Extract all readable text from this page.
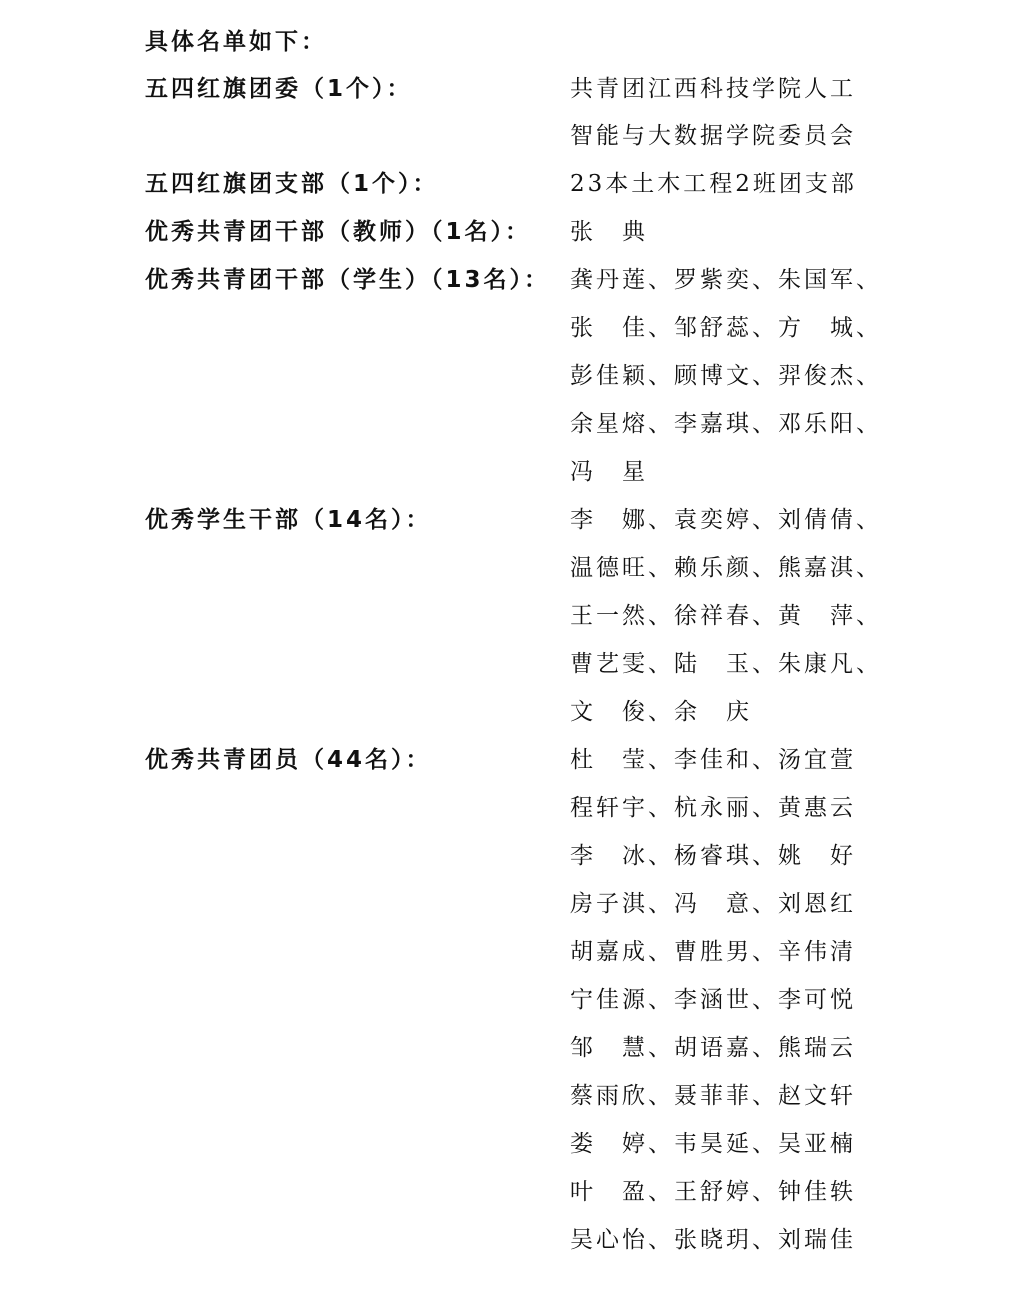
具体名单如下：
五四红旗团委（1个）：	共青团江西科技学院人工
智能与大数据学院委员会
五四红旗团支部（1个）：	23本土木工程2班团支部
优秀共青团干部（教师）（1名）： 张　典
优秀共青团干部（学生）（13名）： 龚丹莲、罗紫奕、朱国军、
张　佳、邹舒蕊、方　城、
彭佳颖、顾博文、羿俊杰、
余星熔、李嘉琪、邓乐阳、
冯　星
优秀学生干部（14名）：	李　娜、袁奕婷、刘倩倩、
温德旺、赖乐颜、熊嘉淇、
王一然、徐祥春、黄　萍、
曹艺雯、陆　玉、朱康凡、
文　俊、余　庆
优秀共青团员（44名）：	杜　莹、李佳和、汤宜萱
程轩宇、杭永丽、黄惠云
李　冰、杨睿琪、姚　好
房子淇、冯　意、刘恩红
胡嘉成、曹胜男、辛伟清
宁佳源、李涵世、李可悦
邹　慧、胡语嘉、熊瑞云
蔡雨欣、聂菲菲、赵文轩
娄　婷、韦昊延、吴亚楠
叶　盈、王舒婷、钟佳轶
吴心怡、张晓玥、刘瑞佳
